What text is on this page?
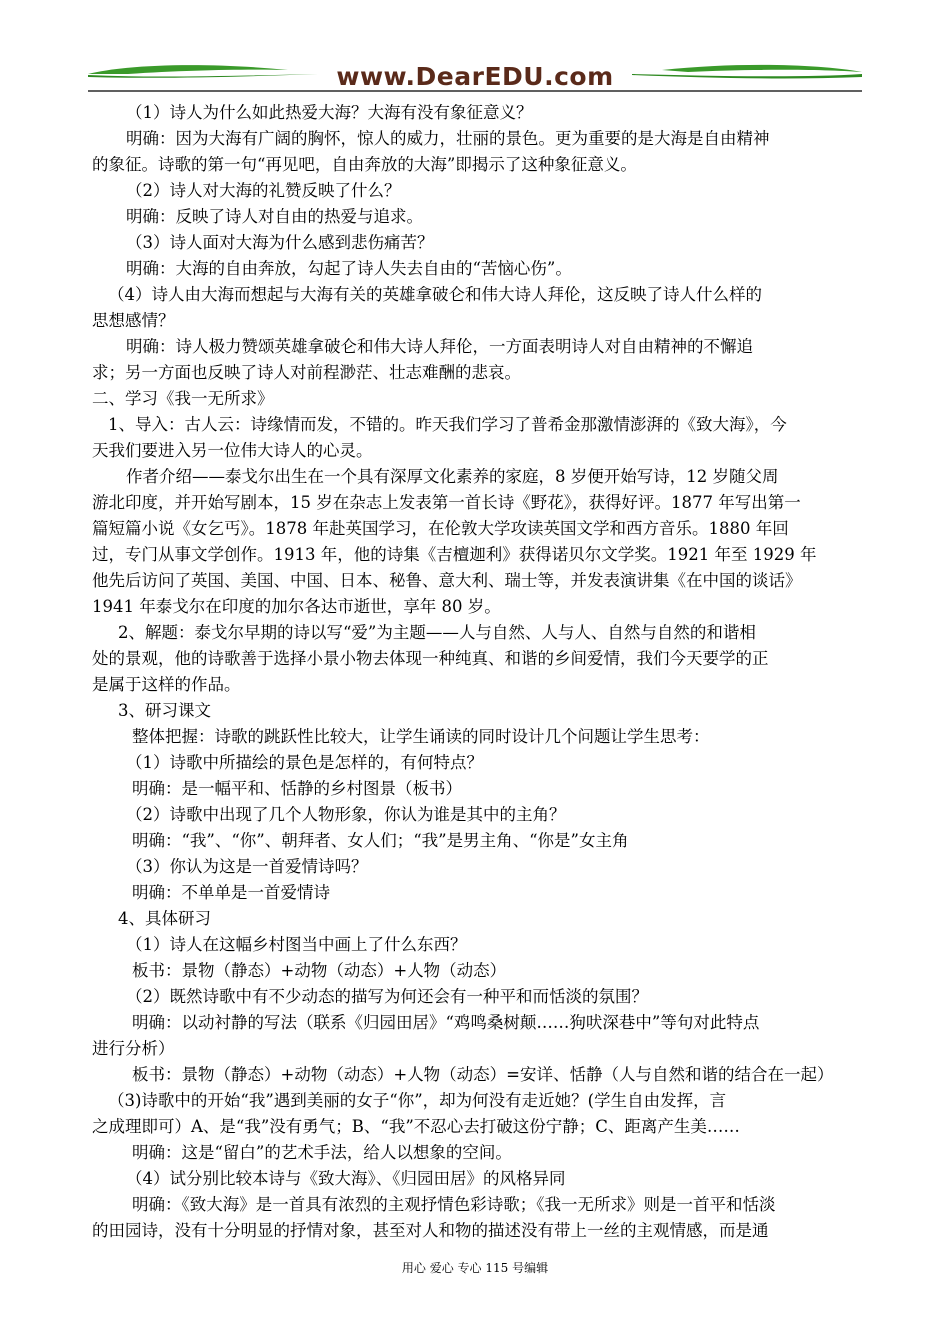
www.DearEDU.com

（1）诗人为什么如此热爱大海？大海有没有象征意义？

明确：因为大海有广阔的胸怀，惊人的威力，壮丽的景色。更为重要的是大海是自由精神

的象征。诗歌的第一句“再见吧，自由奔放的大海”即揭示了这种象征意义。

（2）诗人对大海的礼赞反映了什么？

明确：反映了诗人对自由的热爱与追求。

（3）诗人面对大海为什么感到悲伤痛苦？

明确：大海的自由奔放，勾起了诗人失去自由的“苦恼心伤”。

（4）诗人由大海而想起与大海有关的英雄拿破仑和伟大诗人拜伦，这反映了诗人什么样的

思想感情？

明确：诗人极力赞颂英雄拿破仑和伟大诗人拜伦，一方面表明诗人对自由精神的不懈追

求；另一方面也反映了诗人对前程渺茫、壮志难酬的悲哀。

二、学习《我一无所求》

1、导入：古人云：诗缘情而发，不错的。昨天我们学习了普希金那激情澎湃的《致大海》，今

天我们要进入另一位伟大诗人的心灵。

作者介绍——泰戈尔出生在一个具有深厚文化素养的家庭，8 岁便开始写诗，12 岁随父周

游北印度，并开始写剧本，15 岁在杂志上发表第一首长诗《野花》，获得好评。1877 年写出第一

篇短篇小说《女乞丐》。1878 年赴英国学习，在伦敦大学攻读英国文学和西方音乐。1880 年回

过，专门从事文学创作。1913 年，他的诗集《吉檀迦利》获得诺贝尔文学奖。1921 年至 1929 年

他先后访问了英国、美国、中国、日本、秘鲁、意大利、瑞士等，并发表演讲集《在中国的谈话》

1941 年泰戈尔在印度的加尔各达市逝世，享年 80 岁。

2、解题：泰戈尔早期的诗以写“爱”为主题——人与自然、人与人、自然与自然的和谐相

处的景观，他的诗歌善于选择小景小物去体现一种纯真、和谐的乡间爱情，我们今天要学的正

是属于这样的作品。

3、研习课文

整体把握：诗歌的跳跃性比较大，让学生诵读的同时设计几个问题让学生思考：

（1）诗歌中所描绘的景色是怎样的，有何特点？

明确：是一幅平和、恬静的乡村图景（板书）

（2）诗歌中出现了几个人物形象，你认为谁是其中的主角？

明确：“我”、“你”、朝拜者、女人们；“我”是男主角、“你是”女主角

（3）你认为这是一首爱情诗吗？

明确：不单单是一首爱情诗

4、具体研习

（1）诗人在这幅乡村图当中画上了什么东西？

板书：景物（静态）+动物（动态）+人物（动态）

（2）既然诗歌中有不少动态的描写为何还会有一种平和而恬淡的氛围？

明确：以动衬静的写法（联系《归园田居》“鸡鸣桑树颠……狗吠深巷中”等句对此特点

进行分析）

板书：景物（静态）+动物（动态）+人物（动态）=安详、恬静（人与自然和谐的结合在一起）

（3)诗歌中的开始“我”遇到美丽的女子“你”，却为何没有走近她？(学生自由发挥，言

之成理即可）A、是“我”没有勇气；B、“我”不忍心去打破这份宁静；C、距离产生美……

明确：这是“留白”的艺术手法，给人以想象的空间。

（4）试分别比较本诗与《致大海》、《归园田居》的风格异同

明确：《致大海》是一首具有浓烈的主观抒情色彩诗歌；《我一无所求》则是一首平和恬淡

的田园诗，没有十分明显的抒情对象，甚至对人和物的描述没有带上一丝的主观情感，而是通

用心 爱心 专心 115 号编辑
